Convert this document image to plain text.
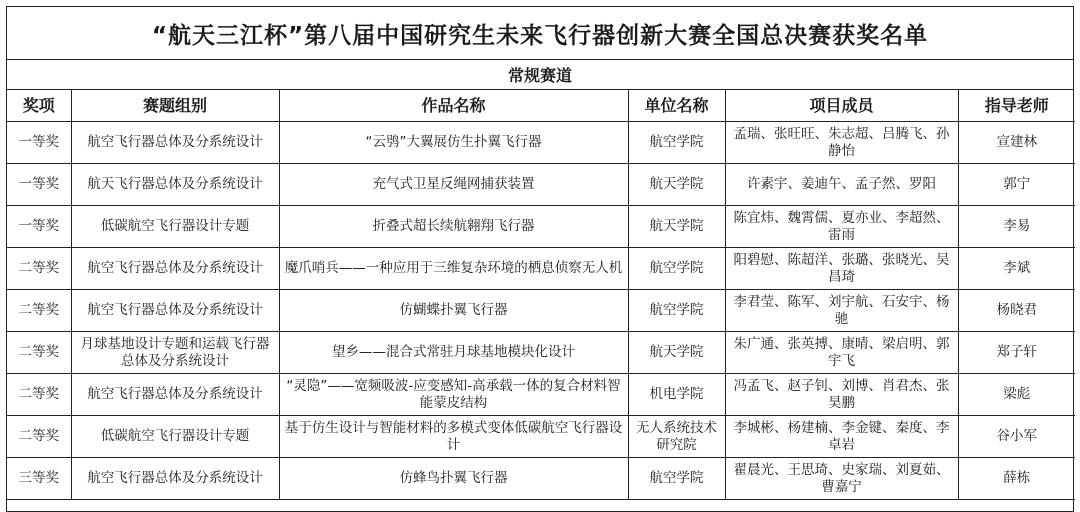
“航天三江杯”第八届中国研究生未来飞行器创新大赛全国总决赛获奖名单
常规赛道
奖项	赛题组别	作品名称	单位名称	项目成员	指导老师
一等奖	航空飞行器总体及分系统设计	“云鸮”大翼展仿生扑翼飞行器	航空学院	孟瑞、张旺旺、朱志超、吕腾飞、孙静怡	宣建林
一等奖	航天飞行器总体及分系统设计	充气式卫星反绳网捕获装置	航天学院	许素宇、姜迪午、孟子然、罗阳	郭宁
一等奖	低碳航空飞行器设计专题	折叠式超长续航翱翔飞行器	航天学院	陈宜炜、魏霄儒、夏亦业、李超然、雷雨	李易
二等奖	航空飞行器总体及分系统设计	魔爪哨兵——一种应用于三维复杂环境的栖息侦察无人机	航空学院	阳碧慰、陈超洋、张璐、张晓光、吴昌琦	李斌
二等奖	航空飞行器总体及分系统设计	仿蝴蝶扑翼飞行器	航空学院	李君莹、陈军、刘宇航、石安宇、杨驰	杨晓君
二等奖	月球基地设计专题和运载飞行器总体及分系统设计	望乡——混合式常驻月球基地模块化设计	航天学院	朱广通、张英搏、康晴、梁启明、郭宇飞	郑子轩
二等奖	航空飞行器总体及分系统设计	“灵隐”——宽频吸波-应变感知-高承载一体的复合材料智能蒙皮结构	机电学院	冯孟飞、赵子钊、刘博、肖君杰、张昊鹏	梁彪
二等奖	低碳航空飞行器设计专题	基于仿生设计与智能材料的多模式变体低碳航空飞行器设计	无人系统技术研究院	李城彬、杨建楠、李金键、秦度、李卓岩	谷小军
三等奖	航空飞行器总体及分系统设计	仿蜂鸟扑翼飞行器	航空学院	翟晨光、王思琦、史家瑞、刘夏茹、曹嘉宁	薛栋
